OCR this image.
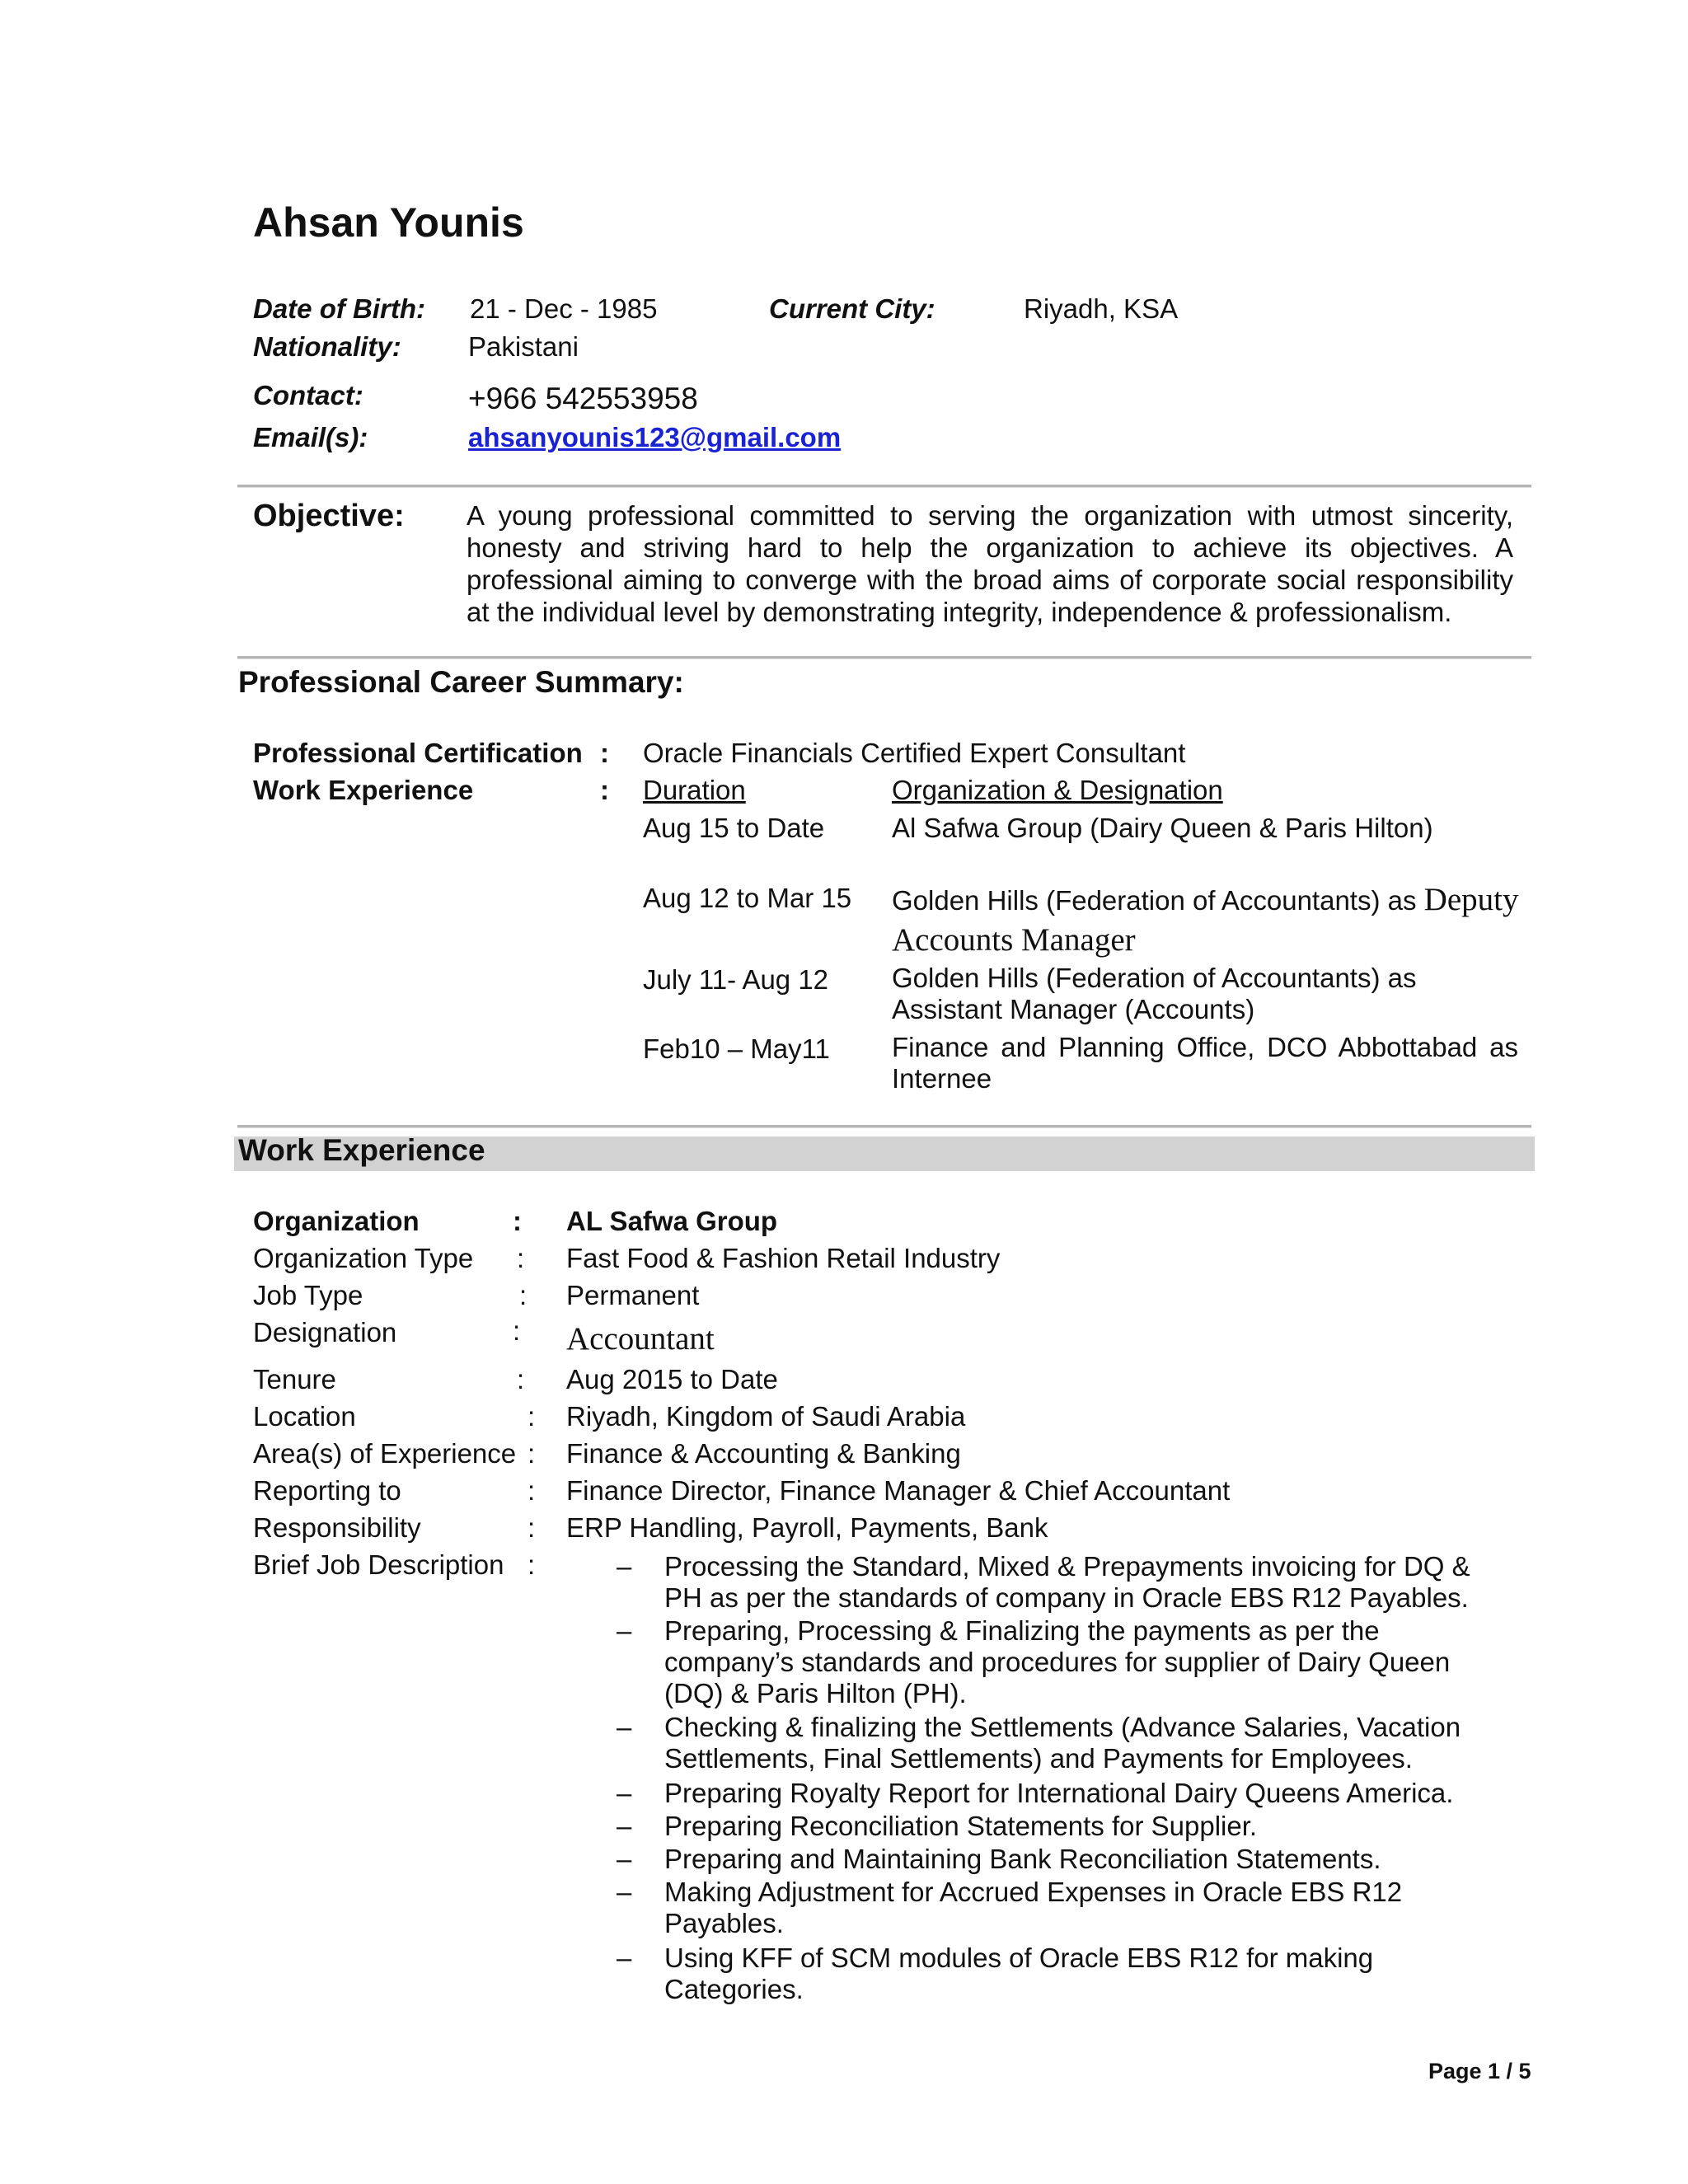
Ahsan Younis
Date of Birth: 21 - Dec - 1985	Current City:	Riyadh, KSA
Nationality: Pakistani
Contact:	+966 542553958
Email(s):	ahsanyounis123@gmail.com
Objective: A young professional committed to serving the organization with utmost sincerity, honesty and striving hard to help the organization to achieve its objectives. A professional aiming to converge with the broad aims of corporate social responsibility at the individual level by demonstrating integrity, independence & professionalism.
Professional Career Summary:
Professional Certification : Oracle Financials Certified Expert Consultant
Work Experience	: Duration	Organization & Designation
Aug 15 to Date Al Safwa Group (Dairy Queen & Paris Hilton)
Aug 12 to Mar 15 Golden Hills (Federation of Accountants) as Deputy Accounts Manager
July 11- Aug 12 Golden Hills (Federation of Accountants) as Assistant Manager (Accounts)
Feb10 – May11 Finance and Planning Office, DCO Abbottabad as Internee
Work Experience
Organization	: AL Safwa Group
Organization Type : Fast Food & Fashion Retail Industry
Job Type	: Permanent
Designation	: Accountant
Tenure	: Aug 2015 to Date
Location	: Riyadh, Kingdom of Saudi Arabia
Area(s) of Experience : Finance & Accounting & Banking
Reporting to	: Finance Director, Finance Manager & Chief Accountant
Responsibility	: ERP Handling, Payroll, Payments, Bank
Brief Job Description :	– Processing the Standard, Mixed & Prepayments invoicing for DQ & PH as per the standards of company in Oracle EBS R12 Payables.
– Preparing, Processing & Finalizing the payments as per the company’s standards and procedures for supplier of Dairy Queen (DQ) & Paris Hilton (PH).
– Checking & finalizing the Settlements (Advance Salaries, Vacation Settlements, Final Settlements) and Payments for Employees.
– Preparing Royalty Report for International Dairy Queens America.
– Preparing Reconciliation Statements for Supplier.
– Preparing and Maintaining Bank Reconciliation Statements.
– Making Adjustment for Accrued Expenses in Oracle EBS R12 Payables.
– Using KFF of SCM modules of Oracle EBS R12 for making Categories.
Page 1 / 5
